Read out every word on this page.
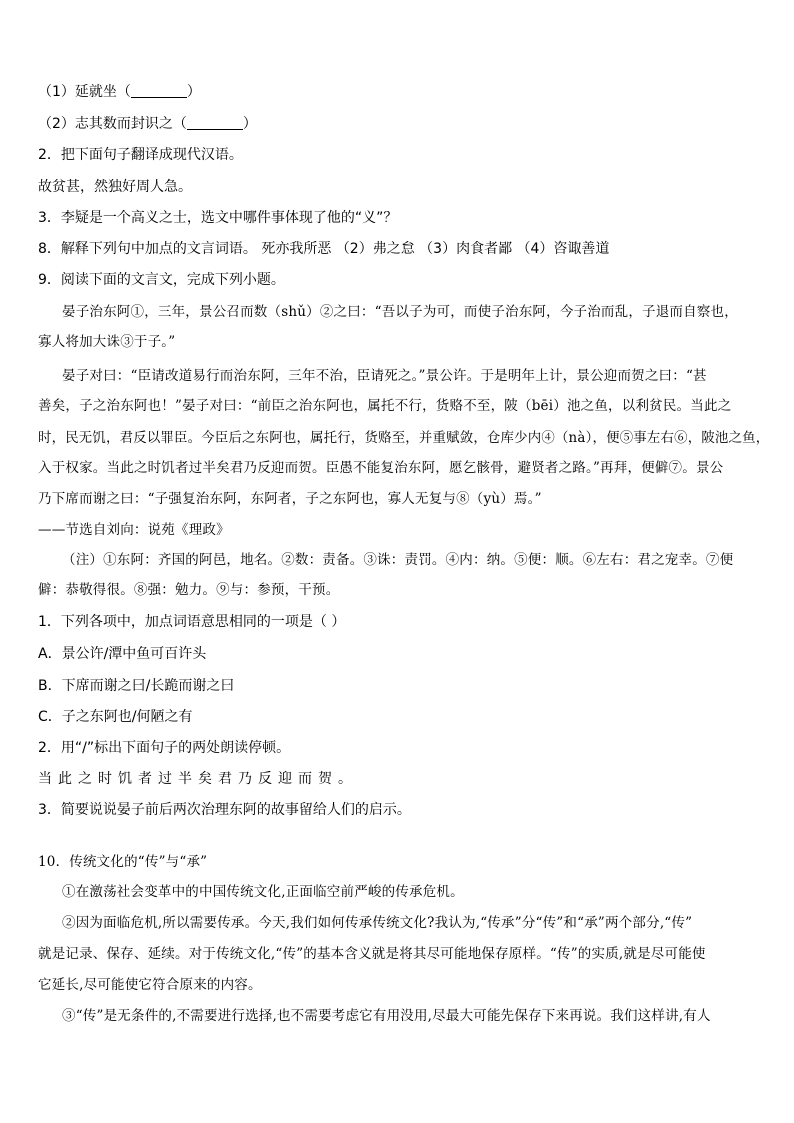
（1）延就坐（	）
（2）志其数而封识之（	）
2．把下面句子翻译成现代汉语。
故贫甚，然独好周人急。
3．李疑是一个高义之士，选文中哪件事体现了他的“义”？
8．解释下列句中加点的文言词语。 死亦我所恶 （2）弗之怠 （3）肉食者鄙 （4）咨诹善道
9．阅读下面的文言文，完成下列小题。
晏子治东阿①，三年，景公召而数（shǔ）②之曰：“吾以子为可，而使子治东阿，今子治而乱，子退而自察也，
寡人将加大诛③于子。”
晏子对曰：“臣请改道易行而治东阿，三年不治，臣请死之。”景公许。于是明年上计，景公迎而贺之曰：“甚
善矣，子之治东阿也！”晏子对曰：“前臣之治东阿也，属托不行，货赂不至，陂（bēi）池之鱼，以利贫民。当此之
时，民无饥，君反以罪臣。今臣后之东阿也，属托行，货赂至，并重赋敛，仓库少内④（nà），便⑤事左右⑥，陂池之鱼，
入于权家。当此之时饥者过半矣君乃反迎而贺。臣愚不能复治东阿，愿乞骸骨，避贤者之路。”再拜，便僻⑦。景公
乃下席而谢之曰：“子强复治东阿，东阿者，子之东阿也，寡人无复与⑧（yù）焉。”
——节选自刘向：说苑《理政》
（注）①东阿：齐国的阿邑，地名。②数：责备。③诛：责罚。④内：纳。⑤便：顺。⑥左右：君之宠幸。⑦便
僻：恭敬得很。⑧强：勉力。⑨与：参预，干预。
1．下列各项中，加点词语意思相同的一项是（ ）
A．景公许/潭中鱼可百许头
B．下席而谢之曰/长跪而谢之曰
C．子之东阿也/何陋之有
2．用“/”标出下面句子的两处朗读停顿。
当此之时饥者过半矣君乃反迎而贺。
3．简要说说晏子前后两次治理东阿的故事留给人们的启示。
10．传统文化的“传”与“承”
①在激荡社会变革中的中国传统文化,正面临空前严峻的传承危机。
②因为面临危机,所以需要传承。今天,我们如何传承传统文化?我认为,“传承”分“传”和“承”两个部分,“传”
就是记录、保存、延续。对于传统文化,“传”的基本含义就是将其尽可能地保存原样。“传”的实质,就是尽可能使
它延长,尽可能使它符合原来的内容。
③“传”是无条件的,不需要进行选择,也不需要考虑它有用没用,尽最大可能先保存下来再说。我们这样讲,有人
